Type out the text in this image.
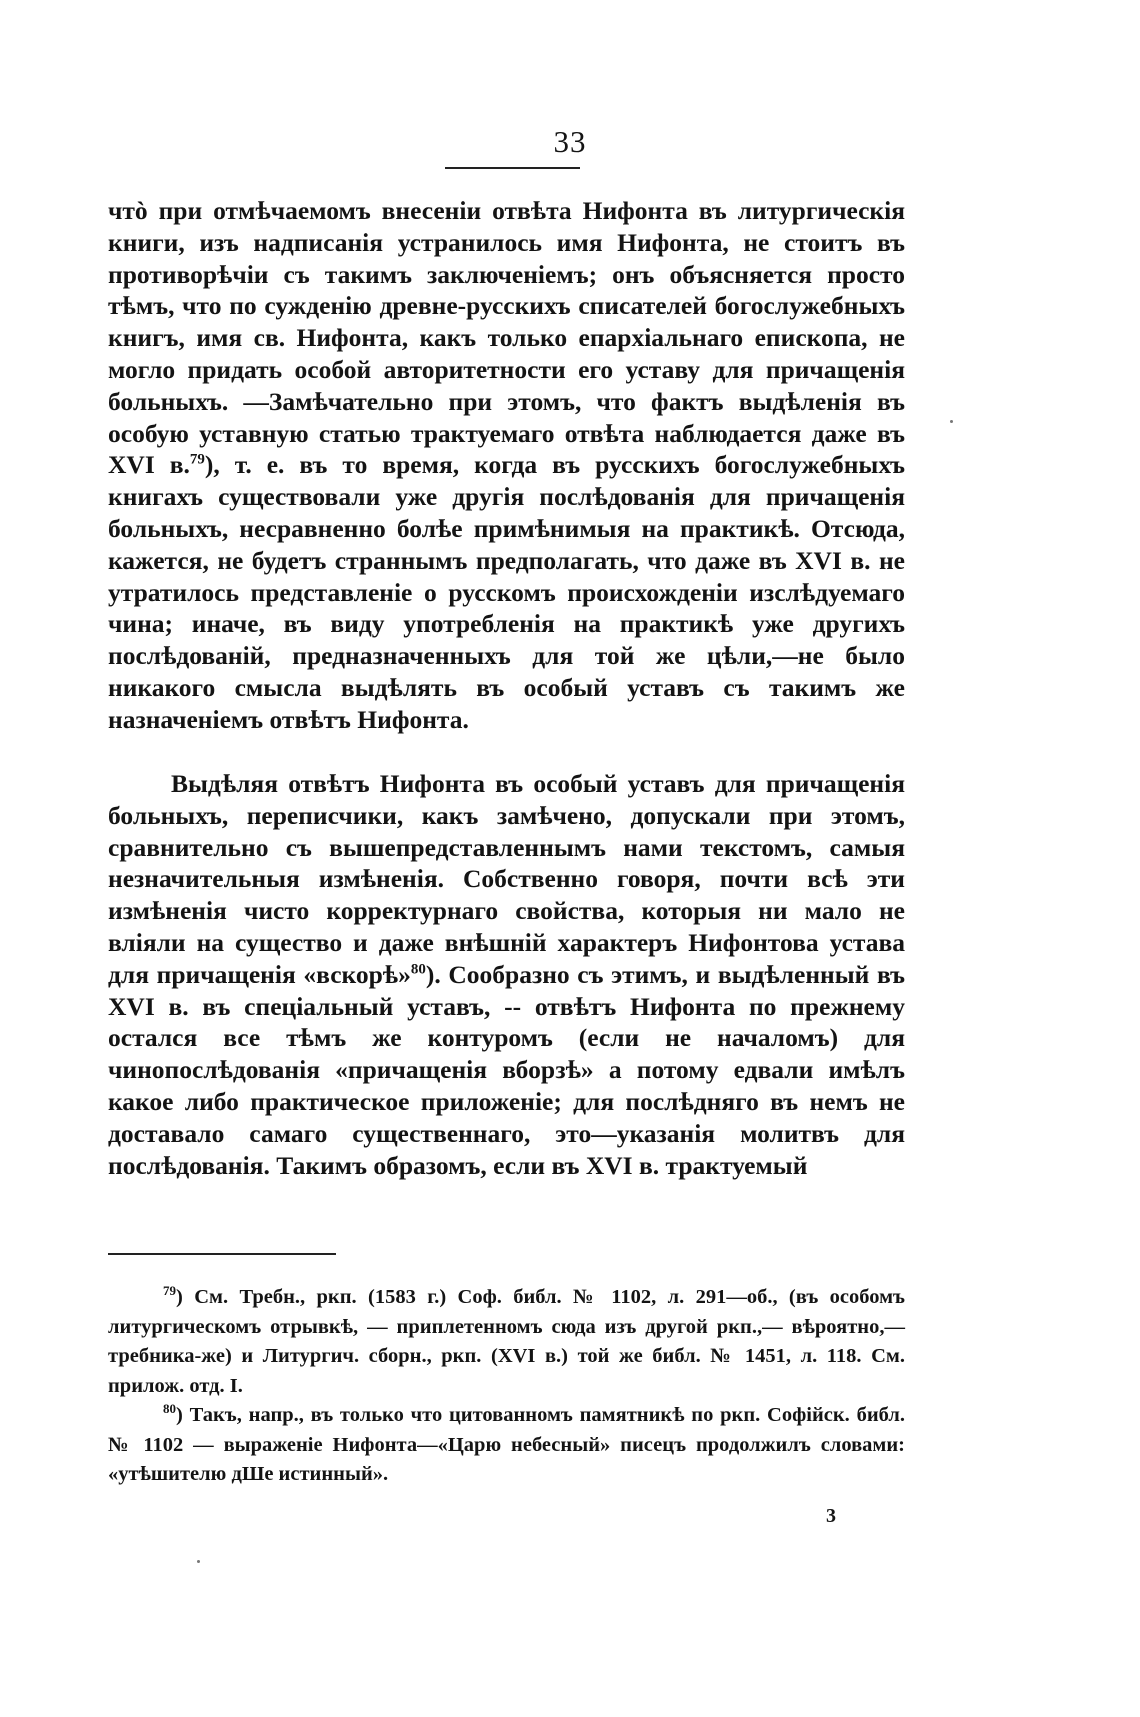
33

чтò при отмѣчаемомъ внесеніи отвѣта Нифонта въ литургическія книги, изъ надписанія устранилось имя Нифонта, не стоитъ въ противорѣчіи съ такимъ заключеніемъ; онъ объясняется просто тѣмъ, что по сужденію древне-русскихъ списателей богослужебныхъ книгъ, имя св. Нифонта, какъ только епархіальнаго епископа, не могло придать особой авторитетности его уставу для причащенія больныхъ. —Замѣчательно при этомъ, что фактъ выдѣленія въ особую уставную статью трактуемаго отвѣта наблюдается даже въ XVI в.$^{79}$), т. е. въ то время, когда въ русскихъ богослужебныхъ книгахъ существовали уже другія послѣдованія для причащенія больныхъ, несравненно болѣе примѣнимыя на практикѣ. Отсюда, кажется, не будетъ страннымъ предполагать, что даже въ XVI в. не утратилось представленіе о русскомъ происхожденіи изслѣдуемаго чина; иначе, въ виду употребленія на практикѣ уже другихъ послѣдованій, предназначенныхъ для той же цѣли,—не было никакого смысла выдѣлять въ особый уставъ съ такимъ же назначеніемъ отвѣтъ Нифонта.

Выдѣляя отвѣтъ Нифонта въ особый уставъ для причащенія больныхъ, переписчики, какъ замѣчено, допускали при этомъ, сравнительно съ вышепредставленнымъ нами текстомъ, самыя незначительныя измѣненія. Собственно говоря, почти всѣ эти измѣненія чисто корректурнаго свойства, которыя ни мало не вліяли на существо и даже внѣшній характеръ Нифонтова устава для причащенія «вскорѣ»$^{80}$). Сообразно съ этимъ, и выдѣленный въ XVI в. въ спеціальный уставъ, -- отвѣтъ Нифонта по прежнему остался все тѣмъ же контуромъ (если не началомъ) для чинопослѣдованія «причащенія вборзѣ» а потому едвали имѣлъ какое либо практическое приложеніе; для послѣдняго въ немъ не доставало самаго существеннаго, это—указанія молитвъ для послѣдованія. Такимъ образомъ, если въ XVI в. трактуемый

$^{79}$) См. Требн., ркп. (1583 г.) Соф. библ. № 1102, л. 291—об., (въ особомъ литургическомъ отрывкѣ, — приплетенномъ сюда изъ другой ркп.,— вѣроятно,—требника-же) и Литургич. сборн., ркп. (XVI в.) той же библ. № 1451, л. 118. См. прилож. отд. I.

$^{80}$) Такъ, напр., въ только что цитованномъ памятникѣ по ркп. Софійск. библ. № 1102 — выраженіе Нифонта—«Царю небесный» писецъ продолжилъ словами: «утѣшителю дШе истинный».

3
